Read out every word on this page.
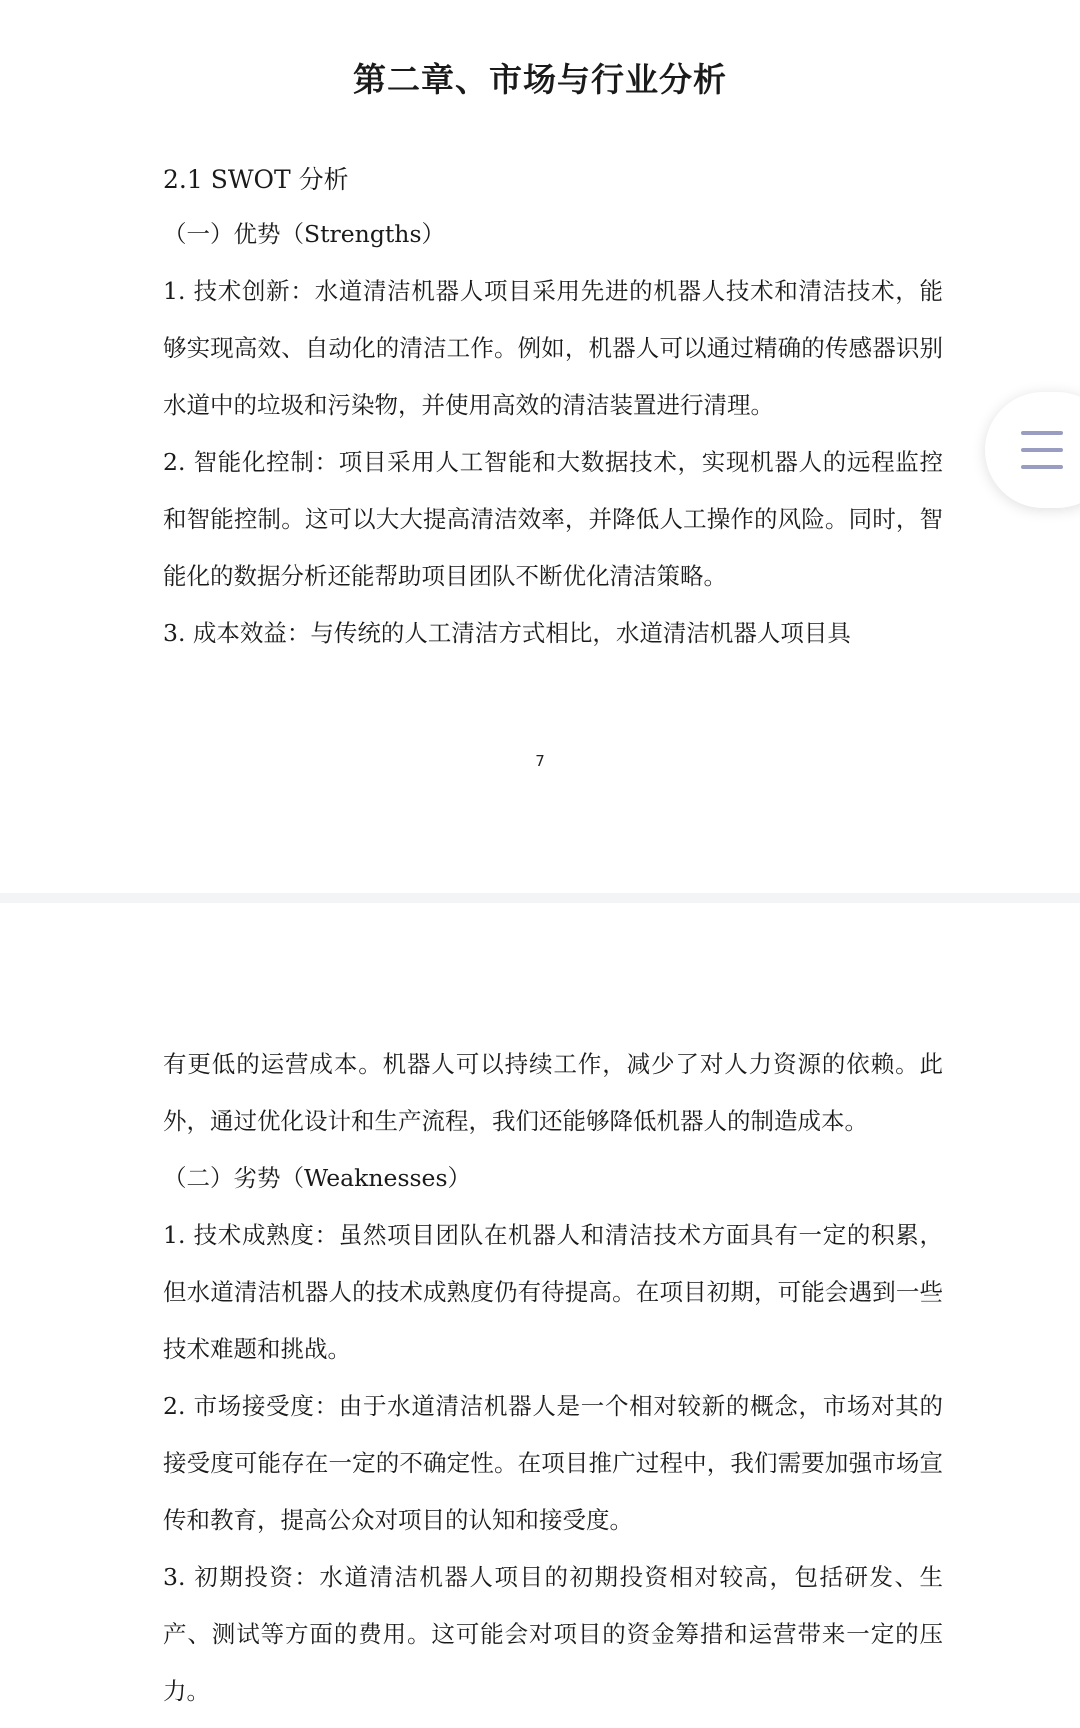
第二章、市场与行业分析
2.1 SWOT 分析

（一）优势（Strengths）

1. 技术创新：水道清洁机器人项目采用先进的机器人技术和清洁技术，能够实现高效、自动化的清洁工作。例如，机器人可以通过精确的传感器识别水道中的垃圾和污染物，并使用高效的清洁装置进行清理。

2. 智能化控制：项目采用人工智能和大数据技术，实现机器人的远程监控和智能控制。这可以大大提高清洁效率，并降低人工操作的风险。同时，智能化的数据分析还能帮助项目团队不断优化清洁策略。

3. 成本效益：与传统的人工清洁方式相比，水道清洁机器人项目具

7

有更低的运营成本。机器人可以持续工作，减少了对人力资源的依赖。此外，通过优化设计和生产流程，我们还能够降低机器人的制造成本。

（二）劣势（Weaknesses）

1. 技术成熟度：虽然项目团队在机器人和清洁技术方面具有一定的积累，但水道清洁机器人的技术成熟度仍有待提高。在项目初期，可能会遇到一些技术难题和挑战。

2. 市场接受度：由于水道清洁机器人是一个相对较新的概念，市场对其的接受度可能存在一定的不确定性。在项目推广过程中，我们需要加强市场宣传和教育，提高公众对项目的认知和接受度。

3. 初期投资：水道清洁机器人项目的初期投资相对较高，包括研发、生产、测试等方面的费用。这可能会对项目的资金筹措和运营带来一定的压力。
